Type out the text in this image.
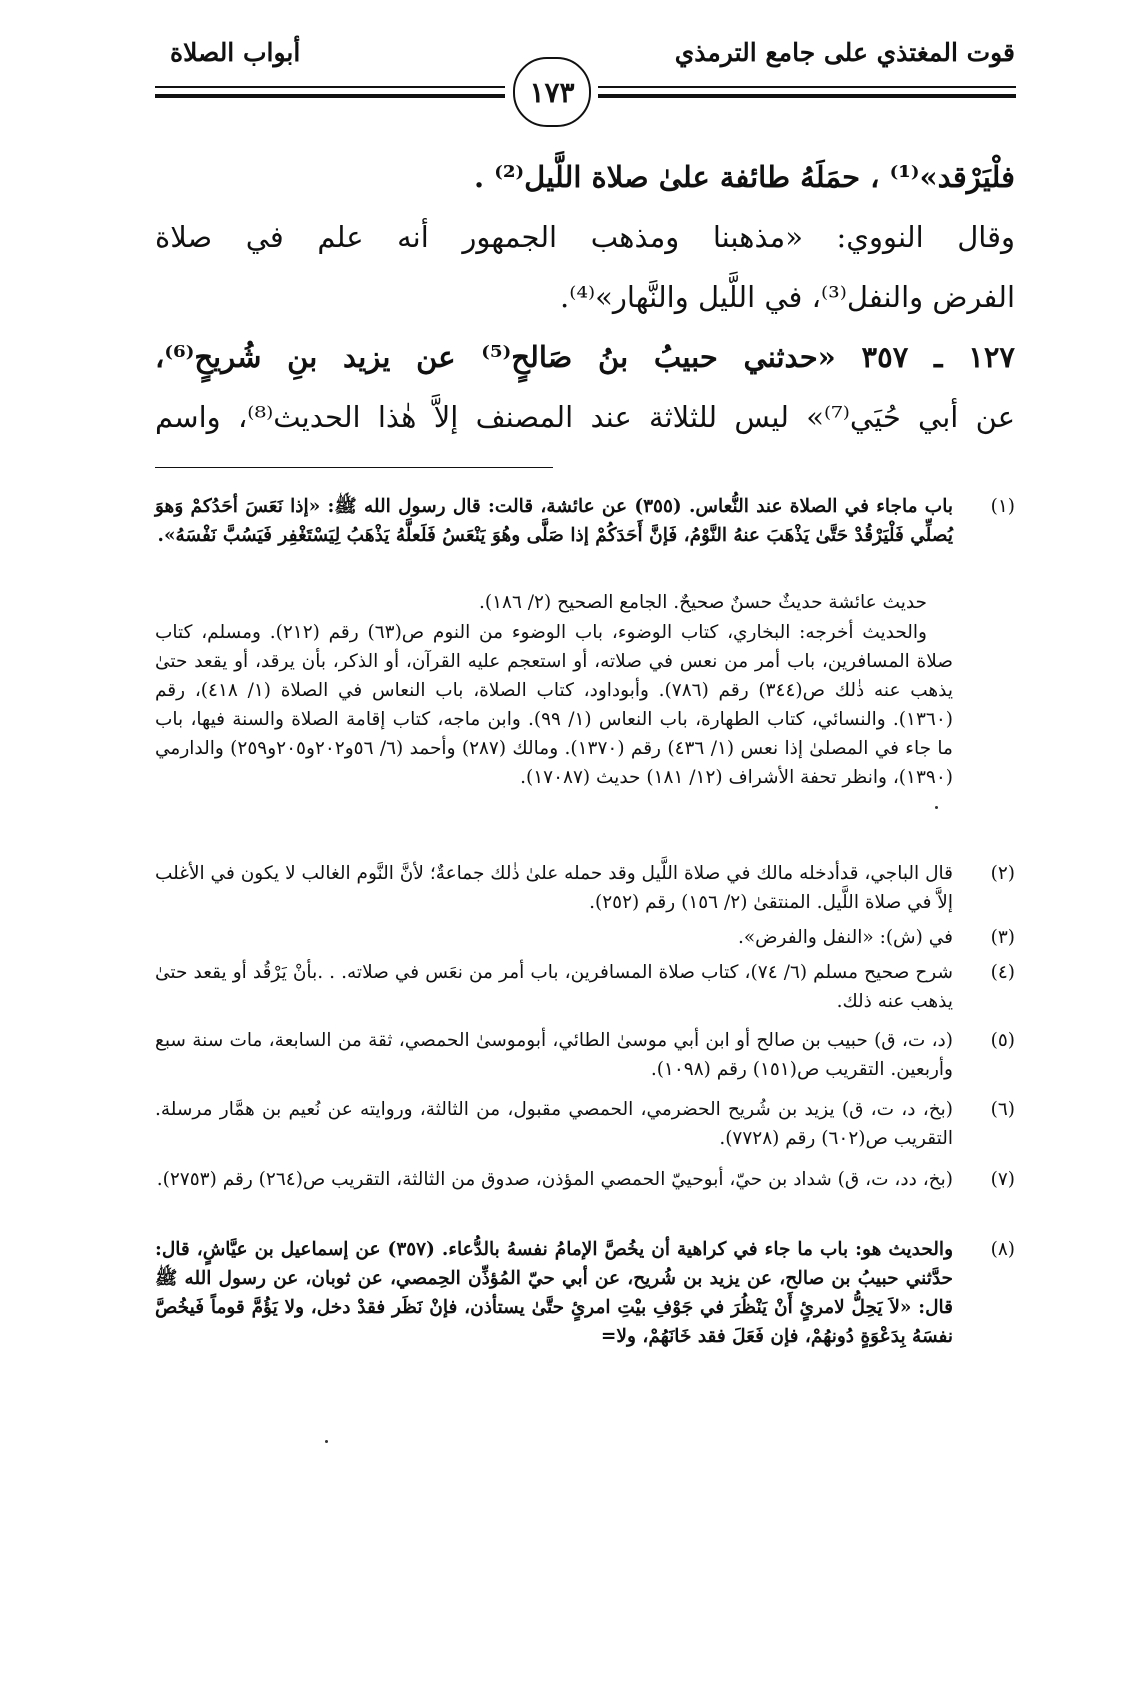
قوت المغتذي على جامع الترمذي
أبواب الصلاة
١٧٣
فلْيَرْقد»⁽¹⁾ ، حمَلَهُ طائفة علىٰ صلاة اللَّيل⁽²⁾ .
وقال النووي: «مذهبنا ومذهب الجمهور أنه علم في صلاة
الفرض والنفل⁽³⁾، في اللَّيل والنَّهار»⁽⁴⁾.
١٢٧ ـ ٣٥٧ «حدثني حبيبُ بنُ صَالحٍ⁽⁵⁾ عن يزيد بنِ شُريحٍ⁽⁶⁾،
عن أبي حُيَي⁽⁷⁾» ليس للثلاثة عند المصنف إلاَّ هٰذا الحديث⁽⁸⁾، واسم
(١)

باب ماجاء في الصلاة عند النُّعاس. (٣٥٥) عن عائشة، قالت: قال رسول الله ﷺ: «إذا نَعَسَ أحَدُكمْ وَهوَ يُصلِّي فَلْيَرْقُدْ حَتَّىٰ يَذْهَبَ عنهُ النَّوْمُ، فَإنَّ أَحَدَكُمْ إذا صَلَّى وهُوَ يَنْعَسُ فَلَعلَّهُ يَذْهَبُ لِيَسْتَغْفِر فَيَسُبَّ نَفْسَهُ».

حديث عائشة حديثٌ حسنٌ صحيحٌ. الجامع الصحيح (٢/ ١٨٦).
والحديث أخرجه: البخاري، كتاب الوضوء، باب الوضوء من النوم ص(٦٣) رقم (٢١٢). ومسلم، كتاب صلاة المسافرين، باب أمر من نعس في صلاته، أو استعجم عليه القرآن، أو الذكر، بأن يرقد، أو يقعد حتىٰ يذهب عنه ذٰلك ص(٣٤٤) رقم (٧٨٦). وأبوداود، كتاب الصلاة، باب النعاس في الصلاة (١/ ٤١٨)، رقم (١٣٦٠). والنسائي، كتاب الطهارة، باب النعاس (١/ ٩٩). وابن ماجه، كتاب إقامة الصلاة والسنة فيها، باب ما جاء في المصلىٰ إذا نعس (١/ ٤٣٦) رقم (١٣٧٠). ومالك (٢٨٧) وأحمد (٦/ ٥٦و٢٠٢و٢٠٥و٢٥٩) والدارمي (١٣٩٠)، وانظر تحفة الأشراف (١٢/ ١٨١) حديث (١٧٠٨٧).
(٢)

قال الباجي، قدأدخله مالك في صلاة اللَّيل وقد حمله علىٰ ذٰلك جماعةٌ؛ لأنَّ النَّوم الغالب لا يكون في الأغلب إلاَّ في صلاة اللَّيل. المنتقىٰ (٢/ ١٥٦) رقم (٢٥٢).

(٣)

في (ش): «النفل والفرض».

(٤)

شرح صحيح مسلم (٦/ ٧٤)، كتاب صلاة المسافرين، باب أمر من نعَس في صلاته. . .بأنْ يَرْقُد أو يقعد حتىٰ يذهب عنه ذلك.

(٥)

(د، ت، ق) حبيب بن صالح أو ابن أبي موسىٰ الطائي، أبوموسىٰ الحمصي، ثقة من السابعة، مات سنة سبع وأربعين. التقريب ص(١٥١) رقم (١٠٩٨).

(٦)

(بخ، د، ت، ق) يزيد بن شُريح الحضرمي، الحمصي مقبول، من الثالثة، وروايته عن نُعيم بن همَّار مرسلة. التقريب ص(٦٠٢) رقم (٧٧٢٨).

(٧)

(بخ، دد، ت، ق) شداد بن حيّ، أبوحييّ الحمصي المؤذن، صدوق من الثالثة، التقريب ص(٢٦٤) رقم (٢٧٥٣).

(٨)

والحديث هو: باب ما جاء في كراهية أن يخُصَّ الإمامُ نفسهُ بالدُّعاء. (٣٥٧) عن إسماعيل بن عيَّاشٍ، قال: حدَّثني حبيبُ بن صالح، عن يزيد بن شُريح، عن أبي حيّ المُؤذِّن الحِمصي، عن ثوبان، عن رسول الله ﷺ قال: «لاَ يَحِلُّ لامرئٍ أَنْ يَنْظُرَ في جَوْفِ بيْتِ امرئٍ حتَّىٰ يستأذن، فإنْ نَظَر فقدْ دخل، ولا يَؤُمَّ قوماً فَيخُصَّ نفسَهُ بِدَعْوَةٍ دُونهُمْ، فإن فَعَلَ فقد خَانَهُمْ، ولا=
